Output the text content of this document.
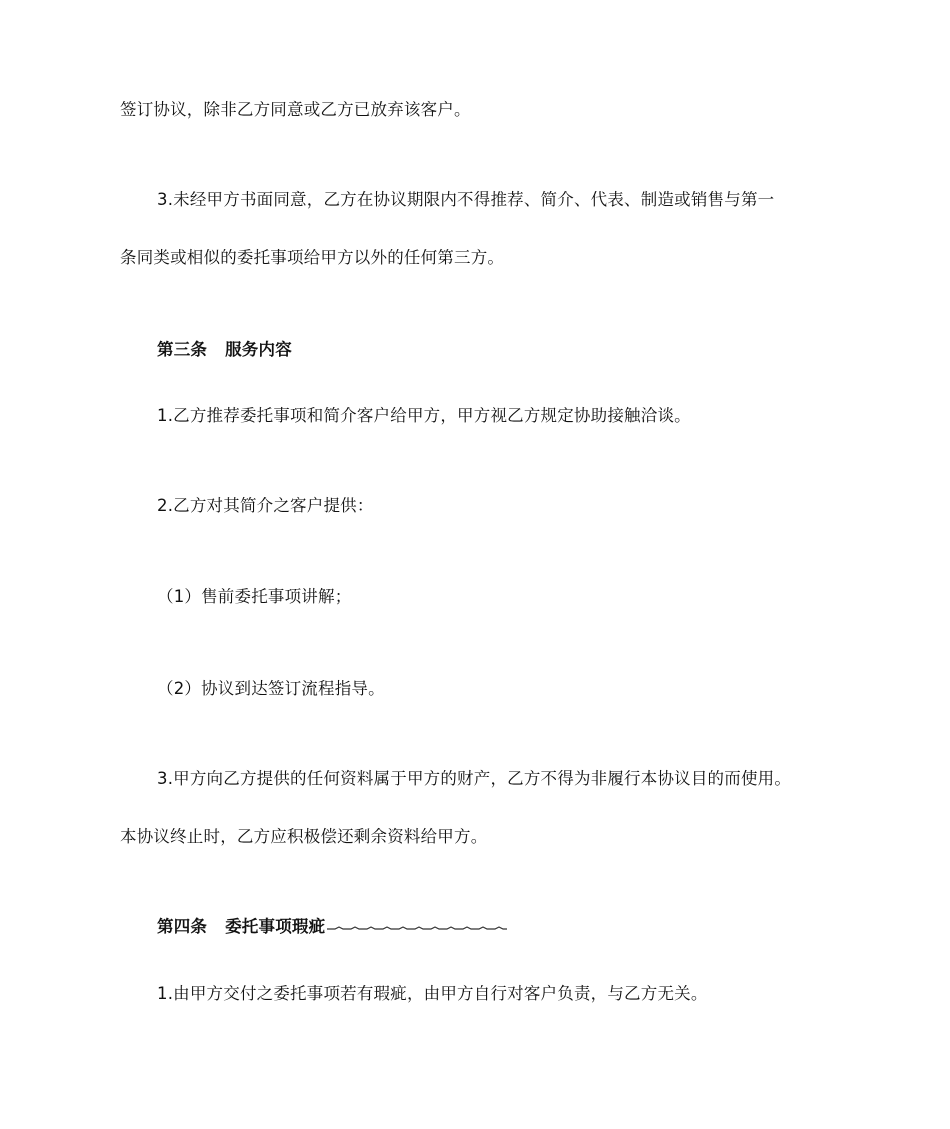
签订协议，除非乙方同意或乙方已放弃该客户。
3.未经甲方书面同意，乙方在协议期限内不得推荐、简介、代表、制造或销售与第一
条同类或相似的委托事项给甲方以外的任何第三方。
第三条 服务内容
1.乙方推荐委托事项和简介客户给甲方，甲方视乙方规定协助接触洽谈。
2.乙方对其简介之客户提供：
（1）售前委托事项讲解；
（2）协议到达签订流程指导。
3.甲方向乙方提供的任何资料属于甲方的财产，乙方不得为非履行本协议目的而使用。
本协议终止时，乙方应积极偿还剩余资料给甲方。
第四条 委托事项瑕疵
1.由甲方交付之委托事项若有瑕疵，由甲方自行对客户负责，与乙方无关。
